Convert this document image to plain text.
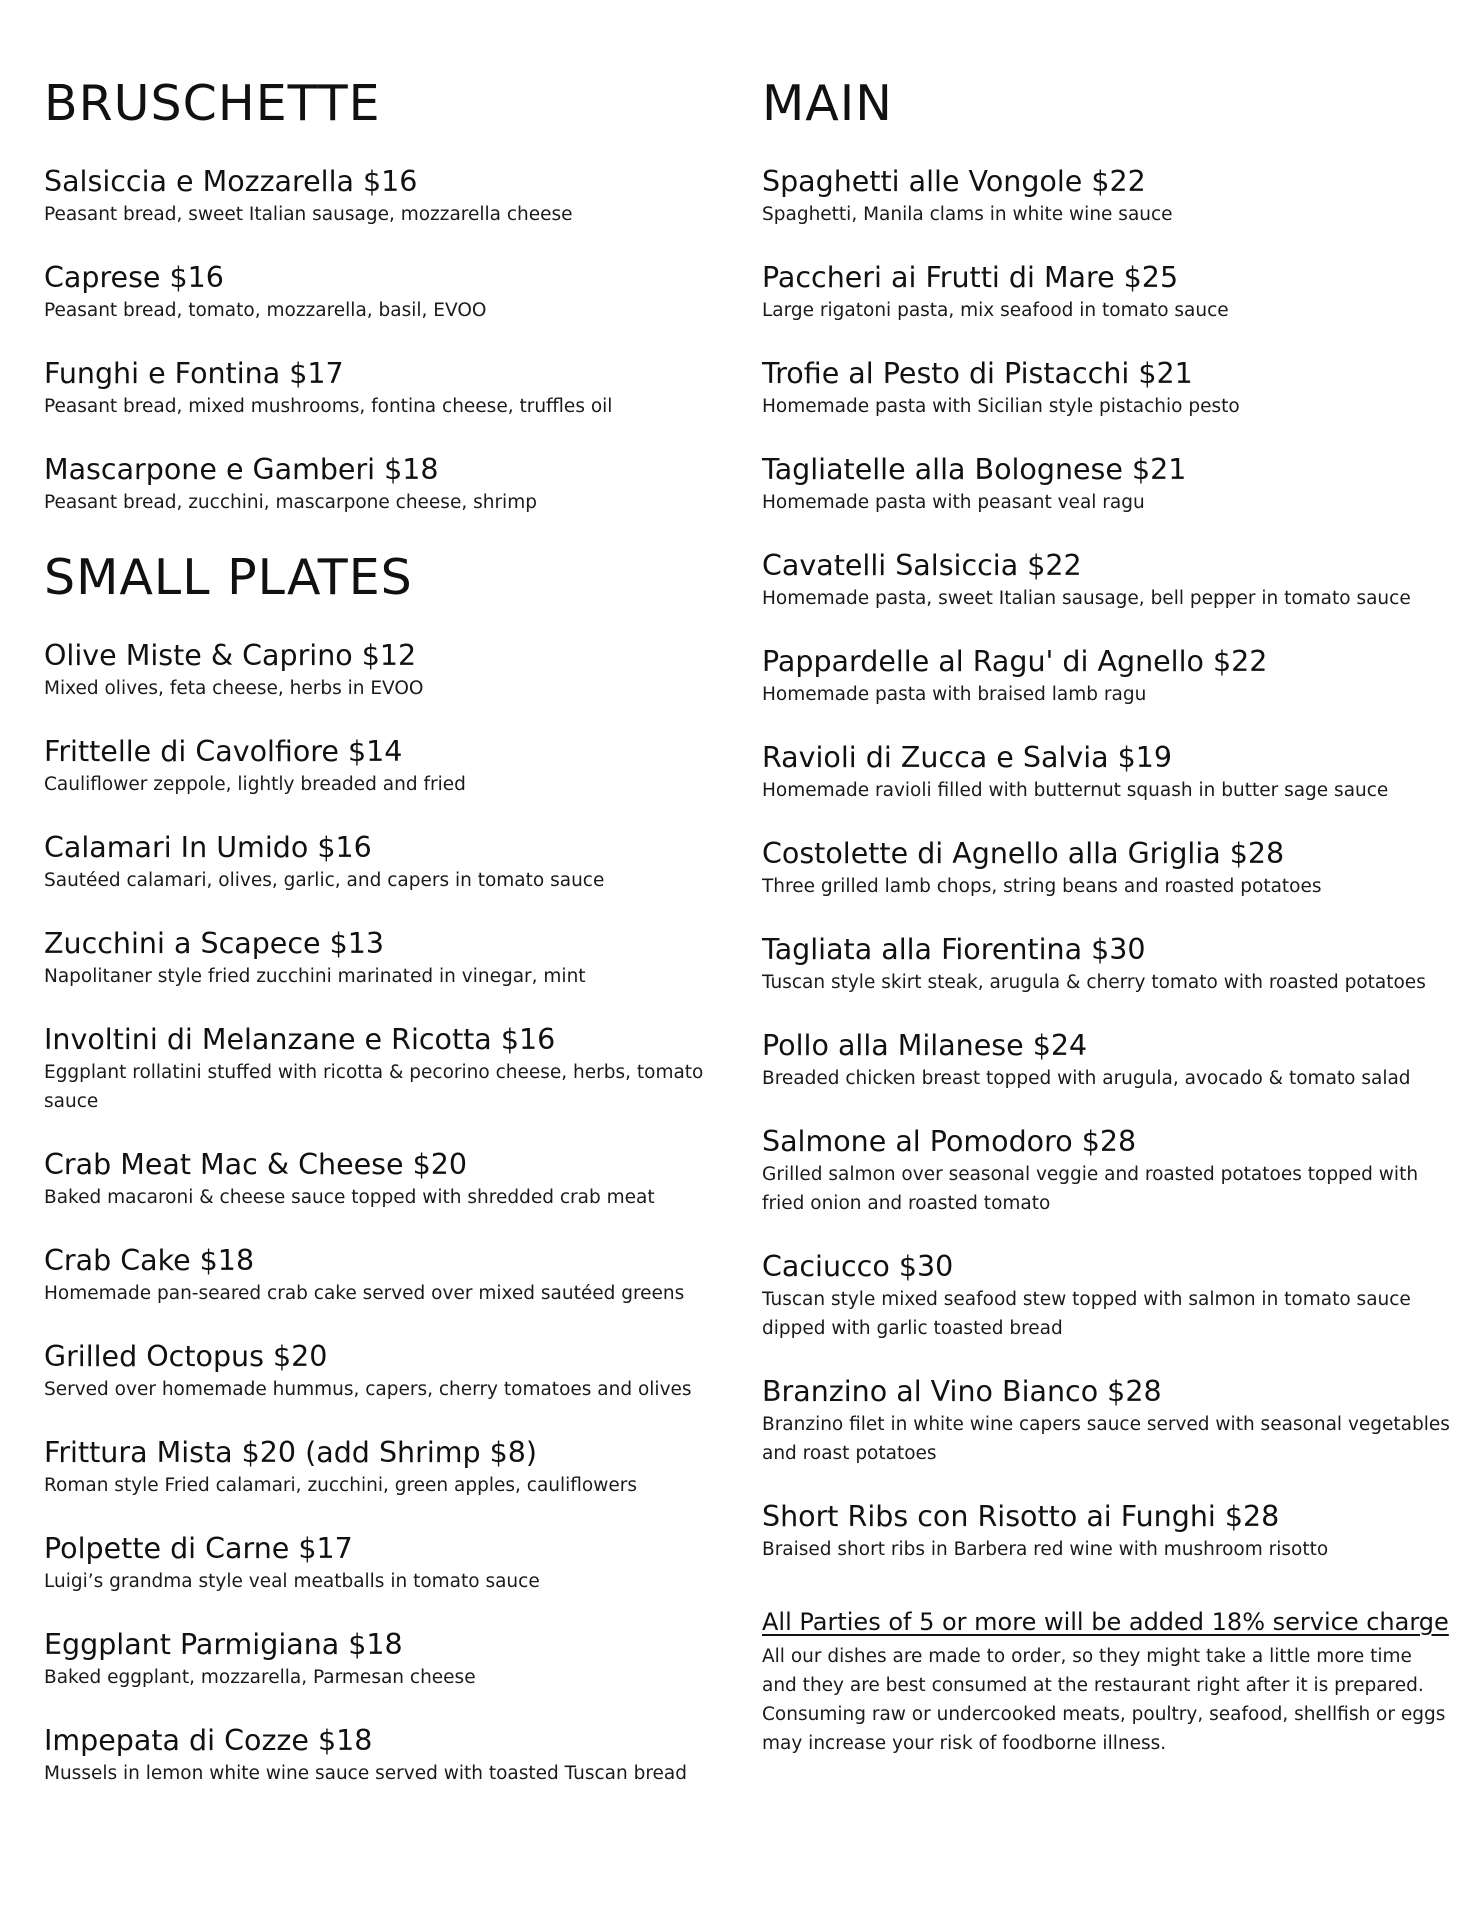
BRUSCHETTE
Salsiccia e Mozzarella $16
Peasant bread, sweet Italian sausage, mozzarella cheese
Caprese $16
Peasant bread, tomato, mozzarella, basil, EVOO
Funghi e Fontina $17
Peasant bread, mixed mushrooms, fontina cheese, truffles oil
Mascarpone e Gamberi $18
Peasant bread, zucchini, mascarpone cheese, shrimp
SMALL PLATES
Olive Miste & Caprino $12
Mixed olives, feta cheese, herbs in EVOO
Frittelle di Cavolfiore $14
Cauliflower zeppole, lightly breaded and fried
Calamari In Umido $16
Sautéed calamari, olives, garlic, and capers in tomato sauce
Zucchini a Scapece $13
Napolitaner style fried zucchini marinated in vinegar, mint
Involtini di Melanzane e Ricotta $16
Eggplant rollatini stuffed with ricotta & pecorino cheese, herbs, tomato sauce
Crab Meat Mac & Cheese $20
Baked macaroni & cheese sauce topped with shredded crab meat
Crab Cake $18
Homemade pan-seared crab cake served over mixed sautéed greens
Grilled Octopus $20
Served over homemade hummus, capers, cherry tomatoes and olives
Frittura Mista $20 (add Shrimp $8)
Roman style Fried calamari, zucchini, green apples, cauliflowers
Polpette di Carne $17
Luigi’s grandma style veal meatballs in tomato sauce
Eggplant Parmigiana $18
Baked eggplant, mozzarella, Parmesan cheese
Impepata di Cozze $18
Mussels in lemon white wine sauce served with toasted Tuscan bread
MAIN
Spaghetti alle Vongole $22
Spaghetti, Manila clams in white wine sauce
Paccheri ai Frutti di Mare $25
Large rigatoni pasta, mix seafood in tomato sauce
Trofie al Pesto di Pistacchi $21
Homemade pasta with Sicilian style pistachio pesto
Tagliatelle alla Bolognese $21
Homemade pasta with peasant veal ragu
Cavatelli Salsiccia $22
Homemade pasta, sweet Italian sausage, bell pepper in tomato sauce
Pappardelle al Ragu' di Agnello $22
Homemade pasta with braised lamb ragu
Ravioli di Zucca e Salvia $19
Homemade ravioli filled with butternut squash in butter sage sauce
Costolette di Agnello alla Griglia $28
Three grilled lamb chops, string beans and roasted potatoes
Tagliata alla Fiorentina $30
Tuscan style skirt steak, arugula & cherry tomato with roasted potatoes
Pollo alla Milanese $24
Breaded chicken breast topped with arugula, avocado & tomato salad
Salmone al Pomodoro $28
Grilled salmon over seasonal veggie and roasted potatoes topped with fried onion and roasted tomato
Caciucco $30
Tuscan style mixed seafood stew topped with salmon in tomato sauce dipped with garlic toasted bread
Branzino al Vino Bianco $28
Branzino filet in white wine capers sauce served with seasonal vegetables and roast potatoes
Short Ribs con Risotto ai Funghi $28
Braised short ribs in Barbera red wine with mushroom risotto
All Parties of 5 or more will be added 18% service charge
All our dishes are made to order, so they might take a little more time and they are best consumed at the restaurant right after it is prepared. Consuming raw or undercooked meats, poultry, seafood, shellfish or eggs may increase your risk of foodborne illness.
